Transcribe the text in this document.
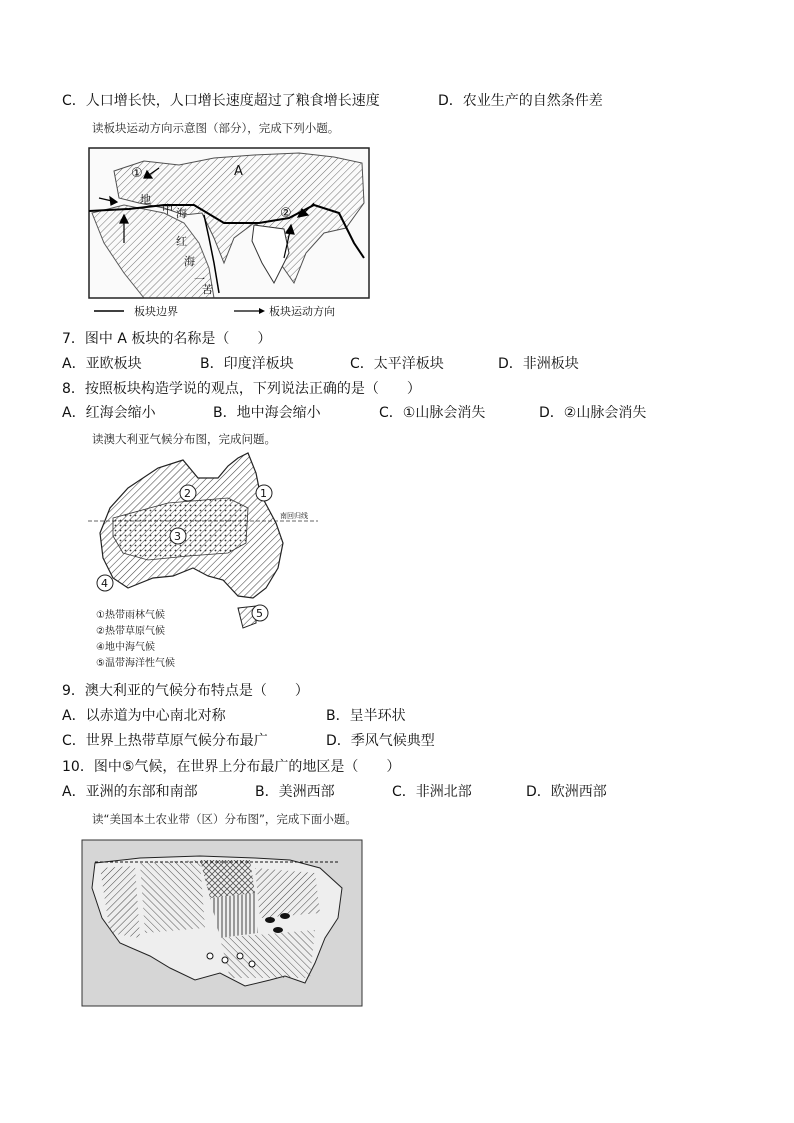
C．人口增长快，人口增长速度超过了粮食增长速度	D．农业生产的自然条件差
读板块运动方向示意图（部分），完成下列小题。
A
①
②
地
中 海
红
海
一
苦
板块边界	板块运动方向
7．图中 A 板块的名称是（　　）
A．亚欧板块	B．印度洋板块	C．太平洋板块	D．非洲板块
8．按照板块构造学说的观点，下列说法正确的是（　　）
A．红海会缩小	B．地中海会缩小	C．①山脉会消失	D．②山脉会消失
读澳大利亚气候分布图，完成问题。
南回归线
1
2
3
4
5
①热带雨林气候
②热带草原气候
④地中海气候
⑤温带海洋性气候
9．澳大利亚的气候分布特点是（　　）
A．以赤道为中心南北对称	B．呈半环状
C．世界上热带草原气候分布最广	D．季风气候典型
10．图中⑤气候，在世界上分布最广的地区是（　　）
A．亚洲的东部和南部	B．美洲西部	C．非洲北部	D．欧洲西部
读“美国本土农业带（区）分布图”，完成下面小题。
